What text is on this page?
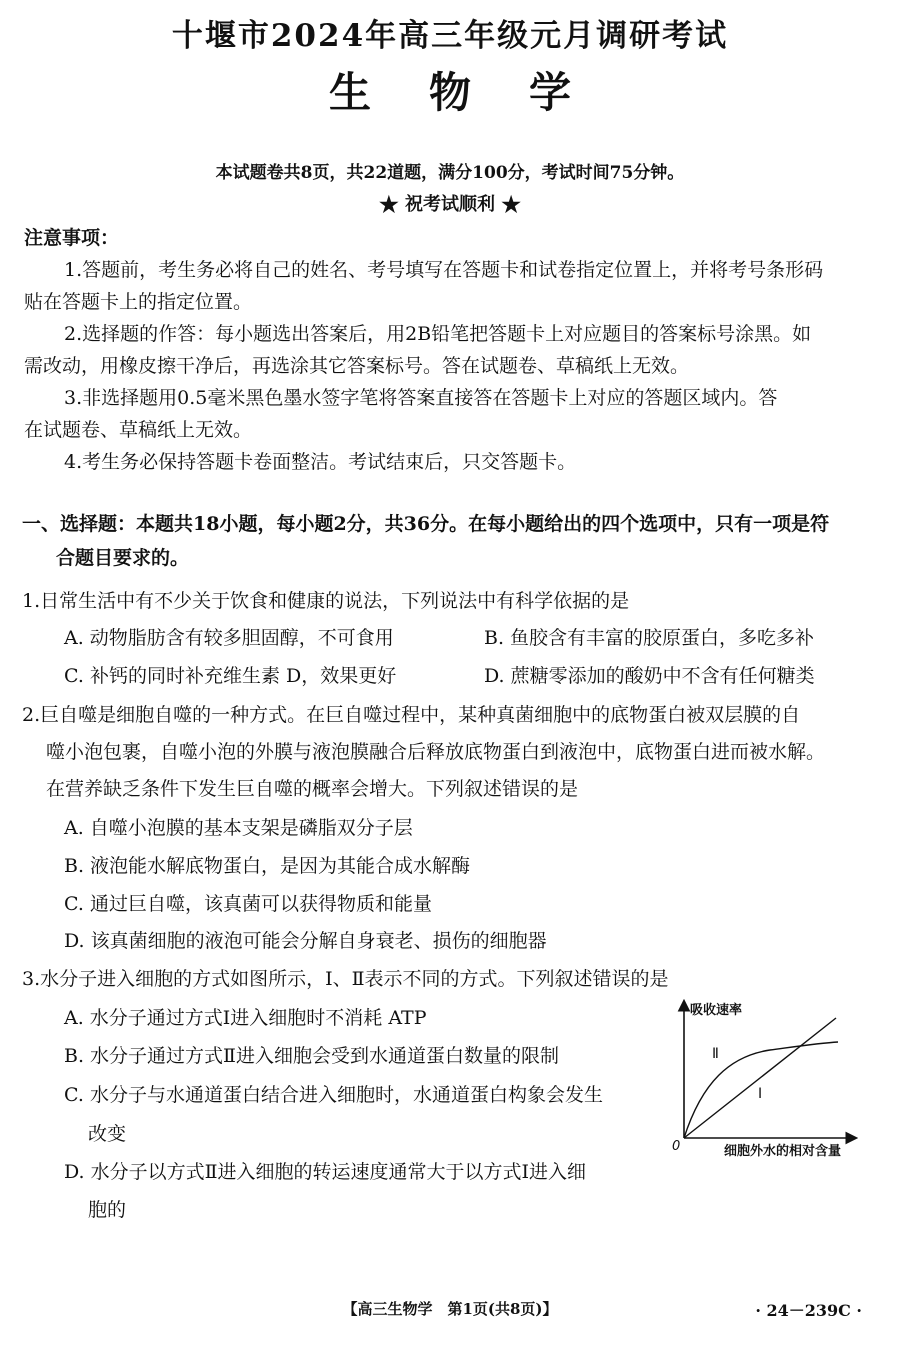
十堰市2024年高三年级元月调研考试
生物学
本试题卷共8页，共22道题，满分100分，考试时间75分钟。
★ 祝考试顺利 ★
注意事项：
1.答题前，考生务必将自己的姓名、考号填写在答题卡和试卷指定位置上，并将考号条形码
贴在答题卡上的指定位置。
2.选择题的作答：每小题选出答案后，用2B铅笔把答题卡上对应题目的答案标号涂黑。如
需改动，用橡皮擦干净后，再选涂其它答案标号。答在试题卷、草稿纸上无效。
3.非选择题用0.5毫米黑色墨水签字笔将答案直接答在答题卡上对应的答题区域内。答
在试题卷、草稿纸上无效。
4.考生务必保持答题卡卷面整洁。考试结束后，只交答题卡。
一、选择题：本题共18小题，每小题2分，共36分。在每小题给出的四个选项中，只有一项是符
合题目要求的。
1.日常生活中有不少关于饮食和健康的说法，下列说法中有科学依据的是
A. 动物脂肪含有较多胆固醇，不可食用	B. 鱼胶含有丰富的胶原蛋白，多吃多补
C. 补钙的同时补充维生素 D，效果更好	D. 蔗糖零添加的酸奶中不含有任何糖类
2.巨自噬是细胞自噬的一种方式。在巨自噬过程中，某种真菌细胞中的底物蛋白被双层膜的自
噬小泡包裹，自噬小泡的外膜与液泡膜融合后释放底物蛋白到液泡中，底物蛋白进而被水解。
在营养缺乏条件下发生巨自噬的概率会增大。下列叙述错误的是
A. 自噬小泡膜的基本支架是磷脂双分子层
B. 液泡能水解底物蛋白，是因为其能合成水解酶
C. 通过巨自噬，该真菌可以获得物质和能量
D. 该真菌细胞的液泡可能会分解自身衰老、损伤的细胞器
3.水分子进入细胞的方式如图所示，Ⅰ、Ⅱ表示不同的方式。下列叙述错误的是
A. 水分子通过方式Ⅰ进入细胞时不消耗 ATP
B. 水分子通过方式Ⅱ进入细胞会受到水通道蛋白数量的限制
C. 水分子与水通道蛋白结合进入细胞时，水通道蛋白构象会发生
改变
D. 水分子以方式Ⅱ进入细胞的转运速度通常大于以方式Ⅰ进入细
胞的
吸收速率
细胞外水的相对含量
0
Ⅱ
Ⅰ
【高三生物学　第1页(共8页)】	· 24－239C ·
